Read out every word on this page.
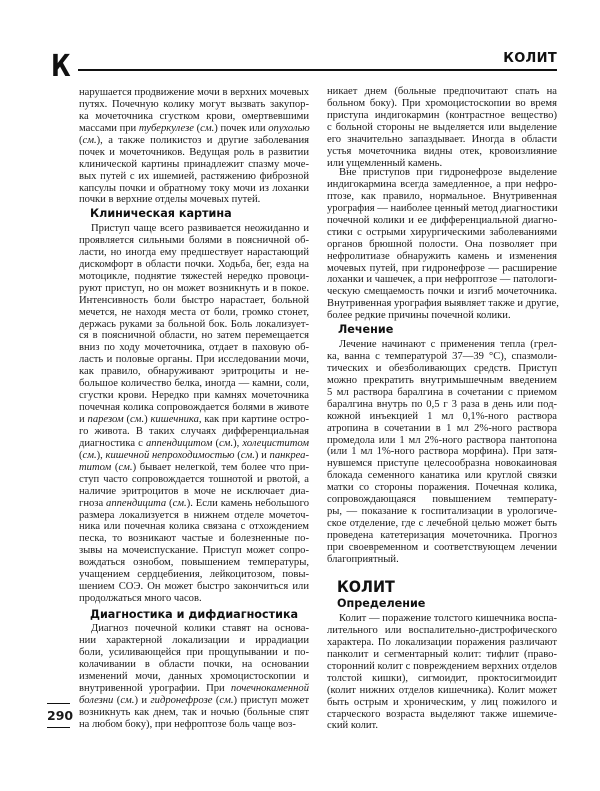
К	КОЛИТ
290
нарушается продвижение мочи в верхних мочевых
путях. Почечную колику могут вызвать закупор-
ка мочеточника сгустком крови, омертвевшими
массами при туберкулезе (см.) почек или опухолью
(см.), а также поликистоз и другие заболевания
почек и мочеточников. Ведущая роль в развитии
клинической картины принадлежит спазму моче-
вых путей с их ишемией, растяжению фиброзной
капсулы почки и обратному току мочи из лоханки
почки в верхние отделы мочевых путей.
Клиническая картина
Приступ чаще всего развивается неожиданно и
проявляется сильными болями в поясничной об-
ласти, но иногда ему предшествует нарастающий
дискомфорт в области почки. Ходьба, бег, езда на
мотоцикле, поднятие тяжестей нередко провоци-
руют приступ, но он может возникнуть и в покое.
Интенсивность боли быстро нарастает, больной
мечется, не находя места от боли, громко стонет,
держась руками за больной бок. Боль локализует-
ся в поясничной области, но затем перемещается
вниз по ходу мочеточника, отдает в паховую об-
ласть и половые органы. При исследовании мочи,
как правило, обнаруживают эритроциты и не-
большое количество белка, иногда — камни, соли,
сгустки крови. Нередко при камнях мочеточника
почечная колика сопровождается болями в животе
и парезом (см.) кишечника, как при картине остро-
го живота. В таких случаях дифференциальная
диагностика с аппендицитом (см.), холециститом
(см.), кишечной непроходимостью (см.) и панкреа-
титом (см.) бывает нелегкой, тем более что при-
ступ часто сопровождается тошнотой и рвотой, а
наличие эритроцитов в моче не исключает диа-
гноза аппендицита (см.). Если камень небольшого
размера локализуется в нижнем отделе мочеточ-
ника или почечная колика связана с отхождением
песка, то возникают частые и болезненные по-
зывы на мочеиспускание. Приступ может сопро-
вождаться ознобом, повышением температуры,
учащением сердцебиения, лейкоцитозом, повы-
шением СОЭ. Он может быстро закончиться или
продолжаться много часов.
Диагностика и дифдиагностика
Диагноз почечной колики ставят на основа-
нии характерной локализации и иррадиации
боли, усиливающейся при прощупывании и по-
колачивании в области почки, на основании
изменений мочи, данных хромоцистоскопии и
внутривенной урографии. При почечнокаменной
болезни (см.) и гидронефрозе (см.) приступ может
возникнуть как днем, так и ночью (больные спят
на любом боку), при нефроптозе боль чаще воз-
никает днем (больные предпочитают спать на
больном боку). При хромоцистоскопии во время
приступа индигокармин (контрастное вещество)
с больной стороны не выделяется или выделение
его значительно запаздывает. Иногда в области
устья мочеточника видны отек, кровоизлияние
или ущемленный камень.
Вне приступов при гидронефрозе выделение
индигокармина всегда замедленное, а при нефро-
птозе, как правило, нормальное. Внутривенная
урография — наиболее ценный метод диагностики
почечной колики и ее дифференциальной диагно-
стики с острыми хирургическими заболеваниями
органов брюшной полости. Она позволяет при
нефролитиазе обнаружить камень и изменения
мочевых путей, при гидронефрозе — расширение
лоханки и чашечек, а при нефроптозе — патологи-
ческую смещаемость почки и изгиб мочеточника.
Внутривенная урография выявляет также и другие,
более редкие причины почечной колики.
Лечение
Лечение начинают с применения тепла (грел-
ка, ванна с температурой 37—39 °С), спазмоли-
тических и обезболивающих средств. Приступ
можно прекратить внутримышечным введением
5 мл раствора баралгина в сочетании с приемом
баралгина внутрь по 0,5 г 3 раза в день или под-
кожной инъекцией 1 мл 0,1%-ного раствора
атропина в сочетании в 1 мл 2%-ного раствора
промедола или 1 мл 2%-ного раствора пантопона
(или 1 мл 1%-ного раствора морфина). При затя-
нувшемся приступе целесообразна новокаиновая
блокада семенного канатика или круглой связки
матки со стороны поражения. Почечная колика,
сопровождающаяся повышением температу-
ры, — показание к госпитализации в урологиче-
ское отделение, где с лечебной целью может быть
проведена катетеризация мочеточника. Прогноз
при своевременном и соответствующем лечении
благоприятный.
КОЛИТ
Определение
Колит — поражение толстого кишечника воспа-
лительного или воспалительно-дистрофического
характера. По локализации поражения различают
панколит и сегментарный колит: тифлит (право-
сторонний колит с повреждением верхних отделов
толстой кишки), сигмоидит, проктосигмоидит
(колит нижних отделов кишечника). Колит может
быть острым и хроническим, у лиц пожилого и
старческого возраста выделяют также ишемиче-
ский колит.
